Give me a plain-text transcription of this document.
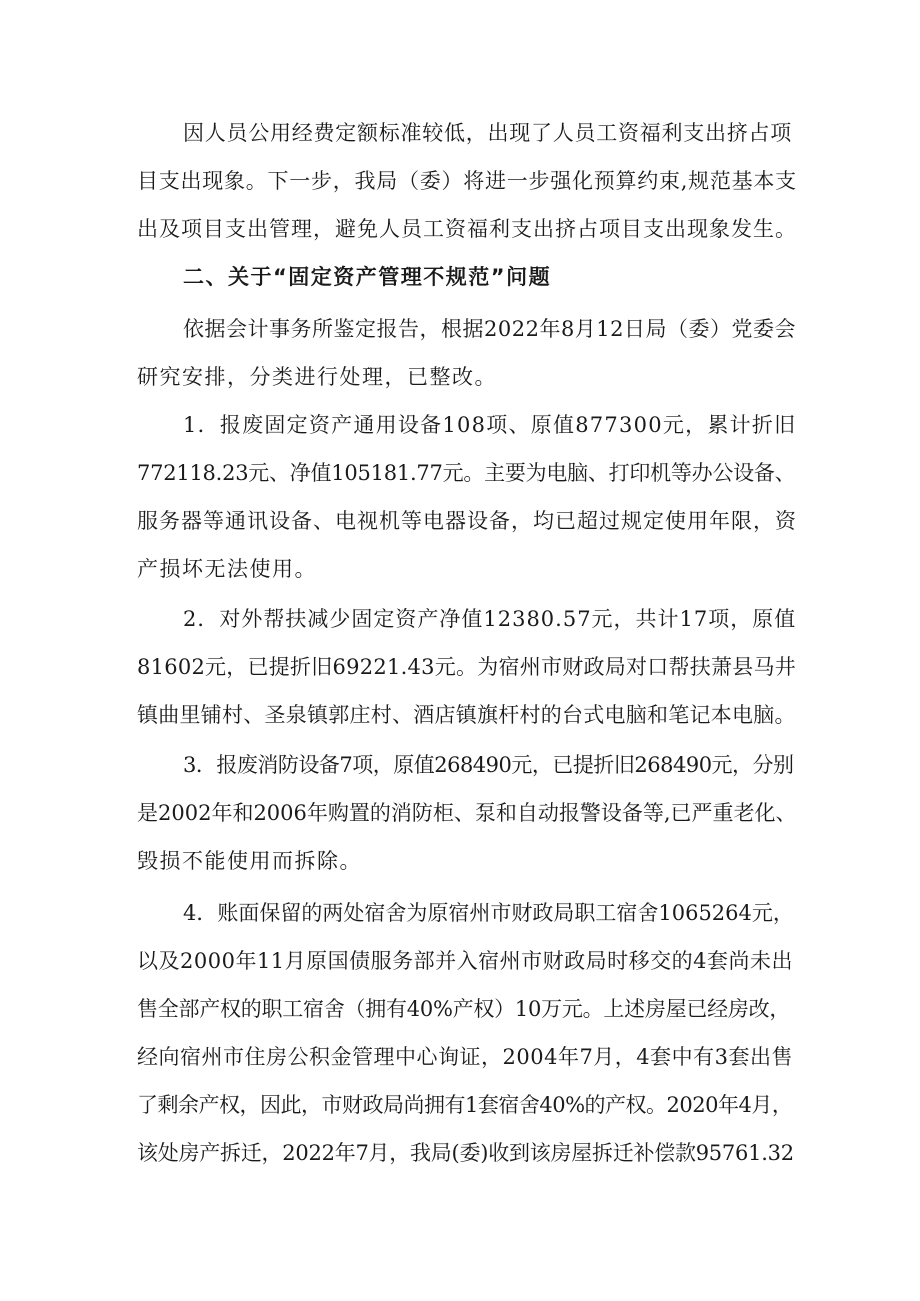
因人员公用经费定额标准较低，出现了人员工资福利支出挤占项
目支出现象。下一步，我局（委）将进一步强化预算约束,规范基本支
出及项目支出管理，避免人员工资福利支出挤占项目支出现象发生。
二、关于“固定资产管理不规范”问题
依据会计事务所鉴定报告，根据2022年8月12日局（委）党委会
研究安排，分类进行处理，已整改。
1．报废固定资产通用设备108项、原值877300元，累计折旧
772118.23元、净值105181.77元。主要为电脑、打印机等办公设备、
服务器等通讯设备、电视机等电器设备，均已超过规定使用年限，资
产损坏无法使用。
2．对外帮扶减少固定资产净值12380.57元，共计17项，原值
81602元，已提折旧69221.43元。为宿州市财政局对口帮扶萧县马井
镇曲里铺村、圣泉镇郭庄村、酒店镇旗杆村的台式电脑和笔记本电脑。
3．报废消防设备7项，原值268490元，已提折旧268490元，分别
是2002年和2006年购置的消防柜、泵和自动报警设备等,已严重老化、
毁损不能使用而拆除。
4．账面保留的两处宿舍为原宿州市财政局职工宿舍1065264元，
以及2000年11月原国债服务部并入宿州市财政局时移交的4套尚未出
售全部产权的职工宿舍（拥有40%产权）10万元。上述房屋已经房改，
经向宿州市住房公积金管理中心询证，2004年7月，4套中有3套出售
了剩余产权，因此，市财政局尚拥有1套宿舍40%的产权。2020年4月，
该处房产拆迁，2022年7月，我局(委)收到该房屋拆迁补偿款95761.32
